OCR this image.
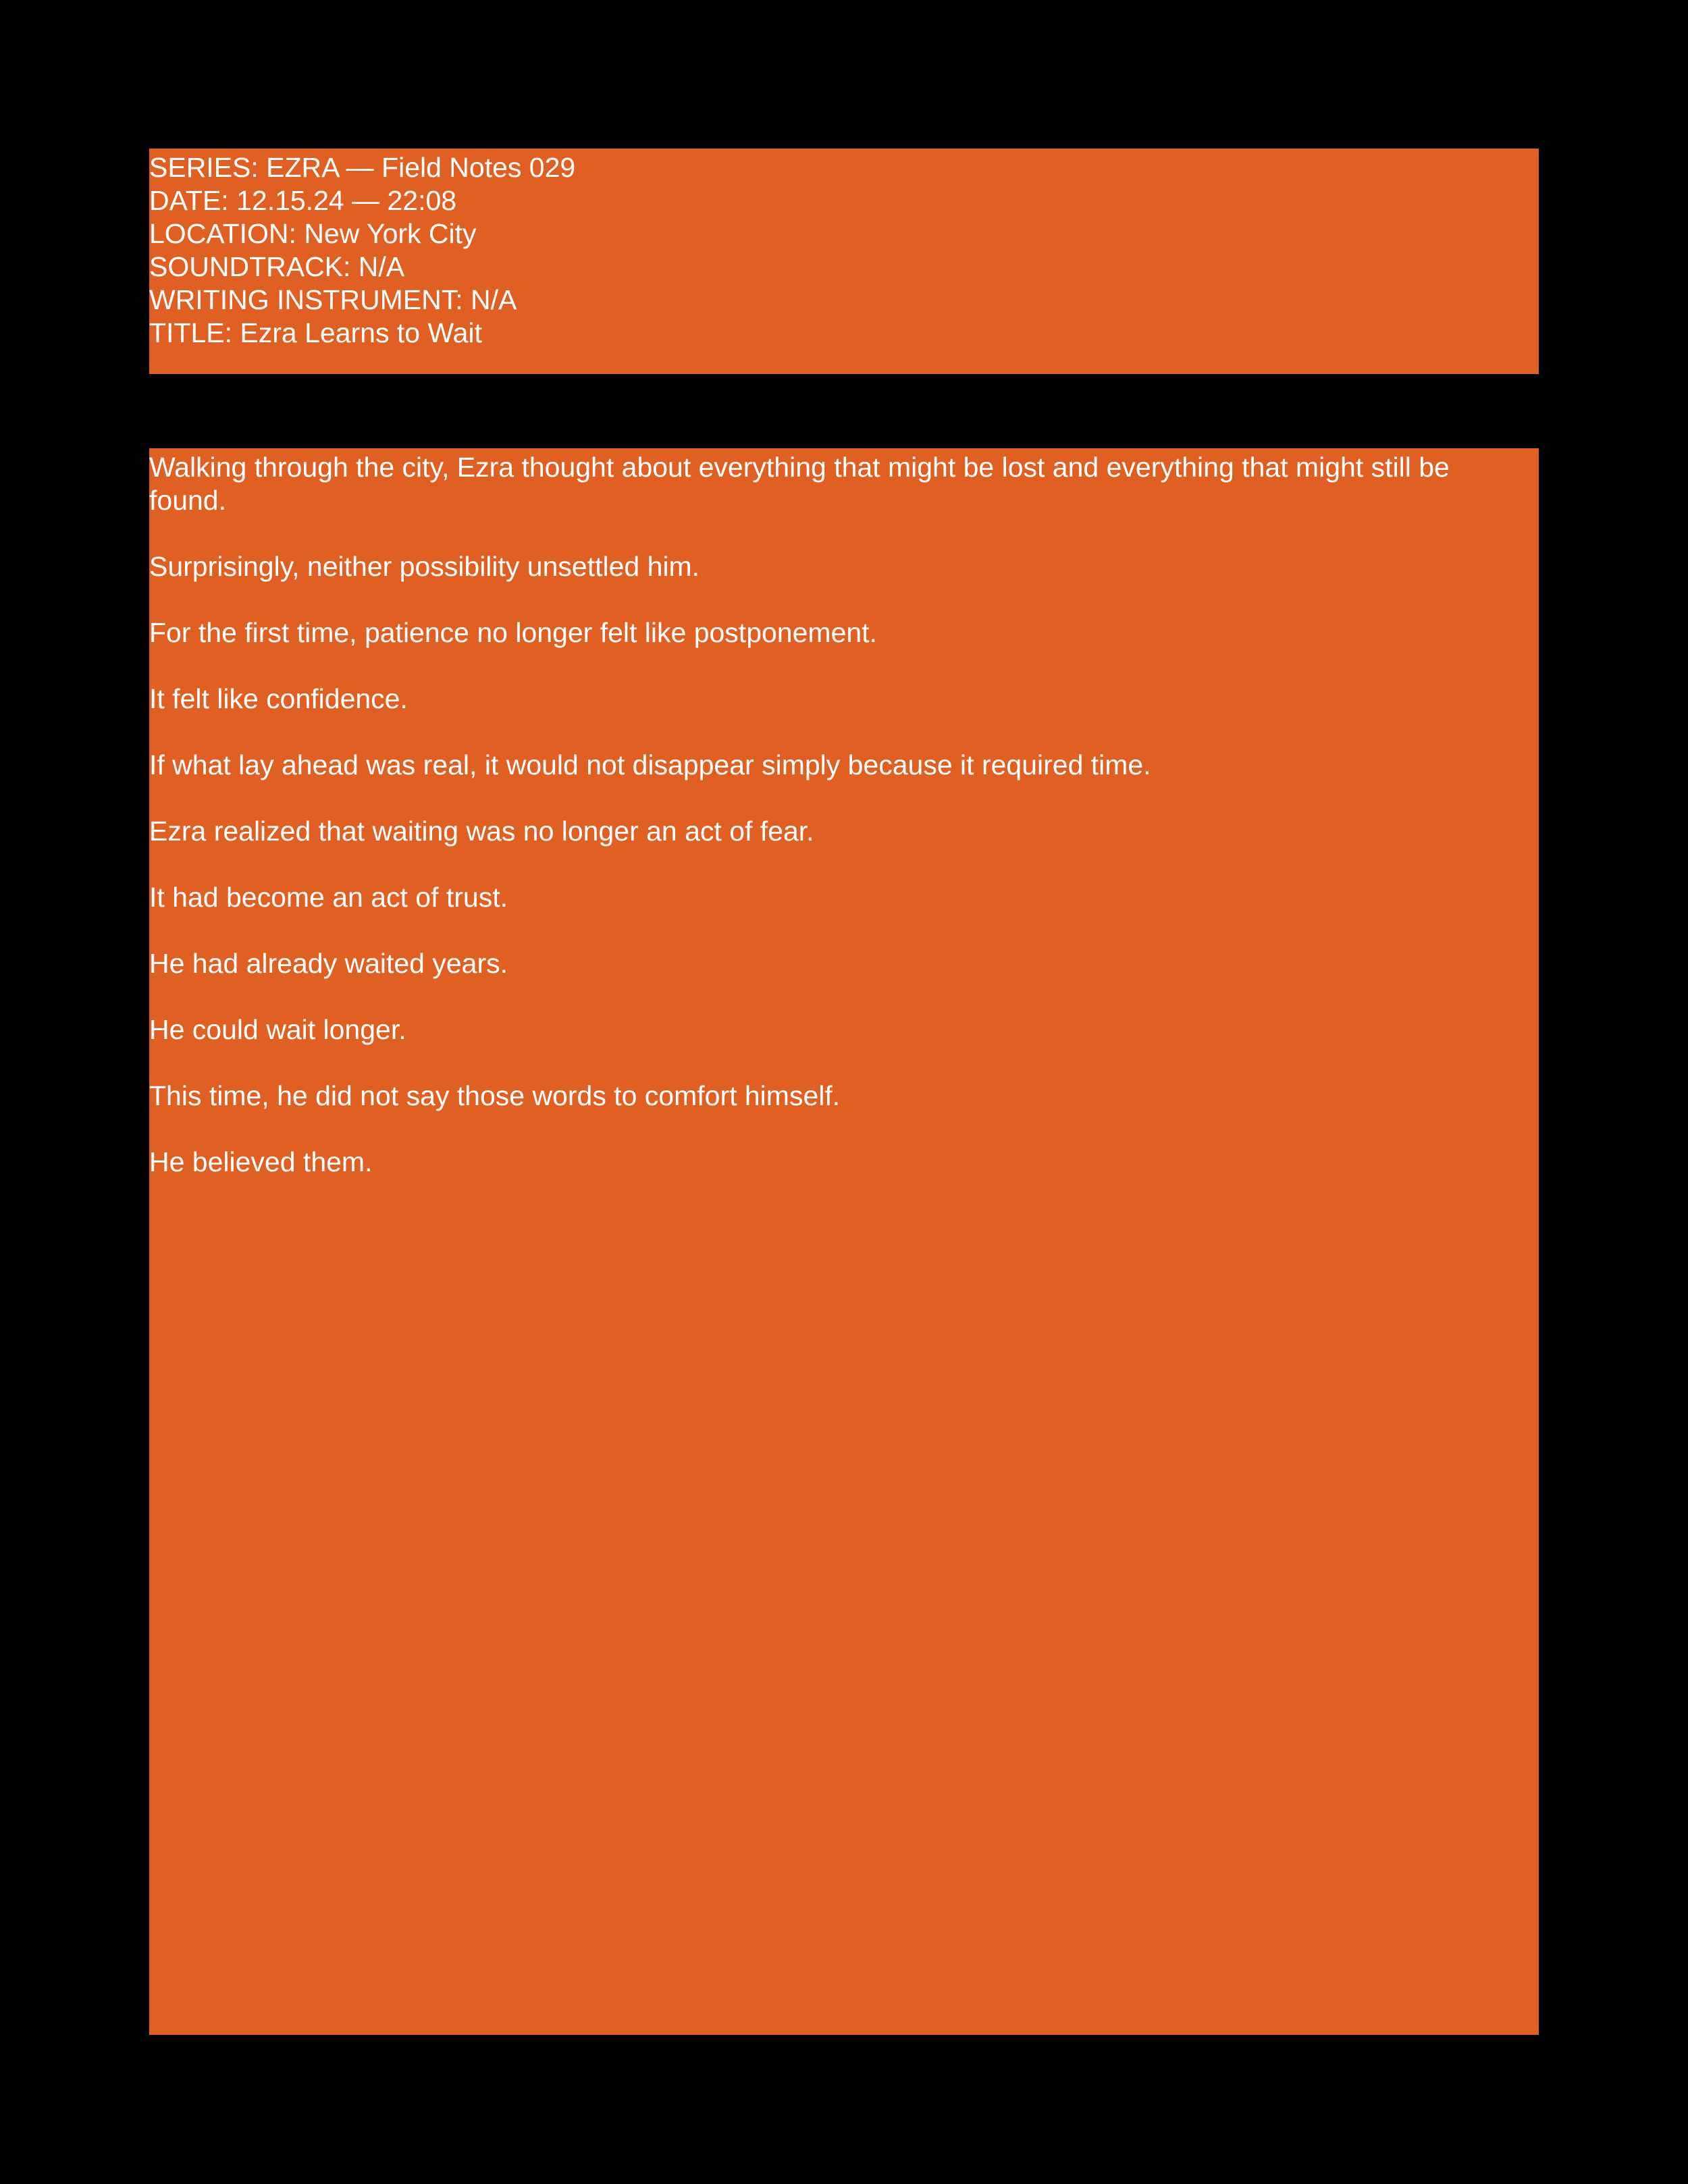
SERIES: EZRA — Field Notes 029
DATE: 12.15.24 — 22:08
LOCATION: New York City
SOUNDTRACK: N/A
WRITING INSTRUMENT: N/A
TITLE: Ezra Learns to Wait

Walking through the city, Ezra thought about everything that might be lost and everything that might still be found.

Surprisingly, neither possibility unsettled him.

For the first time, patience no longer felt like postponement.

It felt like confidence.

If what lay ahead was real, it would not disappear simply because it required time.

Ezra realized that waiting was no longer an act of fear.

It had become an act of trust.

He had already waited years.

He could wait longer.

This time, he did not say those words to comfort himself.

He believed them.
